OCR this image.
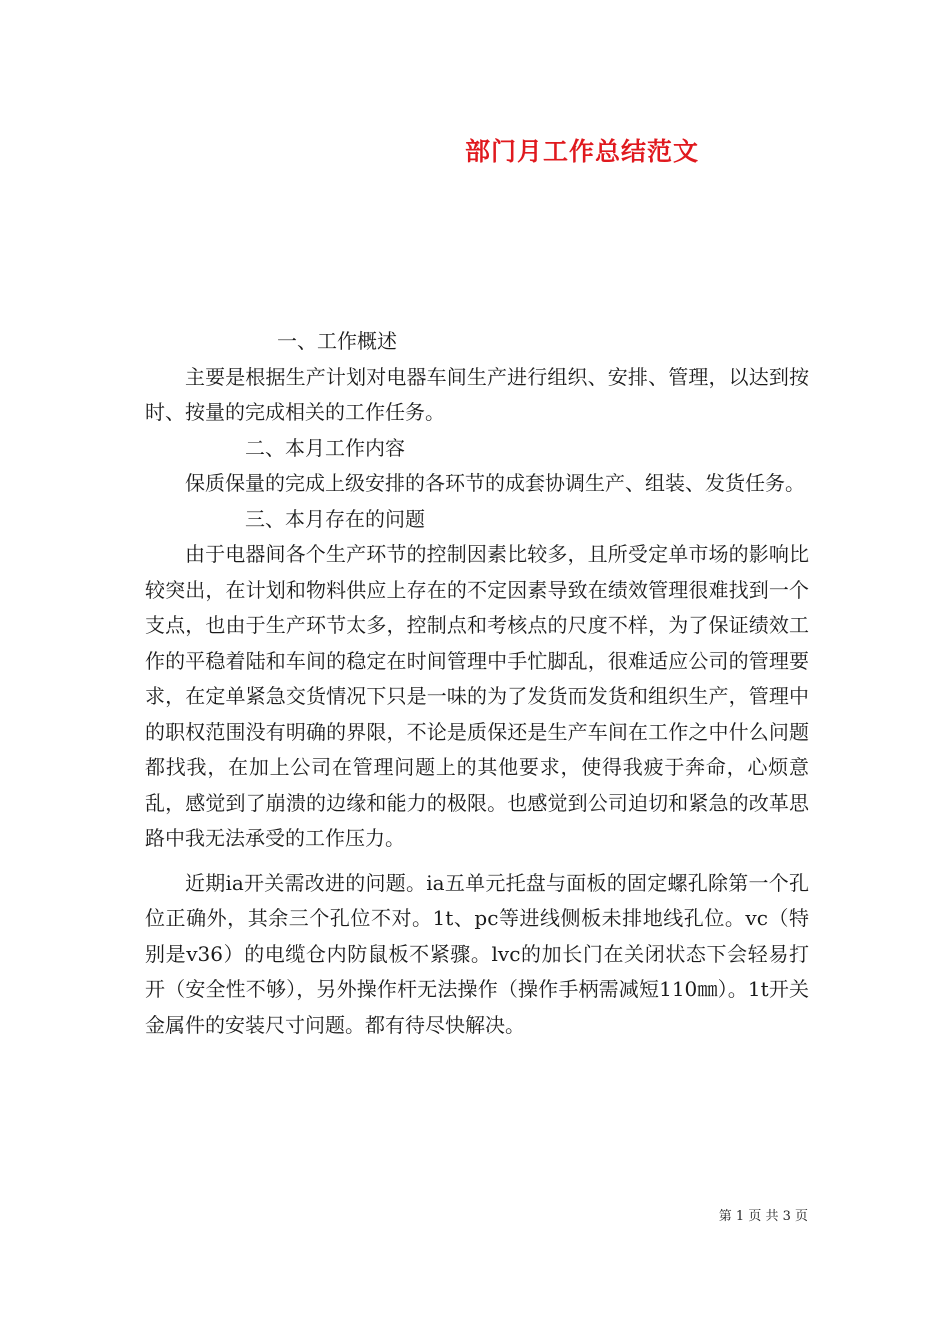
部门月工作总结范文

一、工作概述

主要是根据生产计划对电器车间生产进行组织、安排、管理，以达到按时、按量的完成相关的工作任务。

二、本月工作内容

保质保量的完成上级安排的各环节的成套协调生产、组装、发货任务。

三、本月存在的问题

由于电器间各个生产环节的控制因素比较多，且所受定单市场的影响比较突出，在计划和物料供应上存在的不定因素导致在绩效管理很难找到一个支点，也由于生产环节太多，控制点和考核点的尺度不样，为了保证绩效工作的平稳着陆和车间的稳定在时间管理中手忙脚乱，很难适应公司的管理要求，在定单紧急交货情况下只是一味的为了发货而发货和组织生产，管理中的职权范围没有明确的界限，不论是质保还是生产车间在工作之中什么问题都找我，在加上公司在管理问题上的其他要求，使得我疲于奔命，心烦意乱，感觉到了崩溃的边缘和能力的极限。也感觉到公司迫切和紧急的改革思路中我无法承受的工作压力。

近期ia开关需改进的问题。ia五单元托盘与面板的固定螺孔除第一个孔位正确外，其余三个孔位不对。1t、pc等进线侧板未排地线孔位。vc（特别是v36）的电缆仓内防鼠板不紧骤。lvc的加长门在关闭状态下会轻易打开（安全性不够），另外操作杆无法操作（操作手柄需减短110㎜）。1t开关金属件的安装尺寸问题。都有待尽快解决。

第 1 页 共 3 页
